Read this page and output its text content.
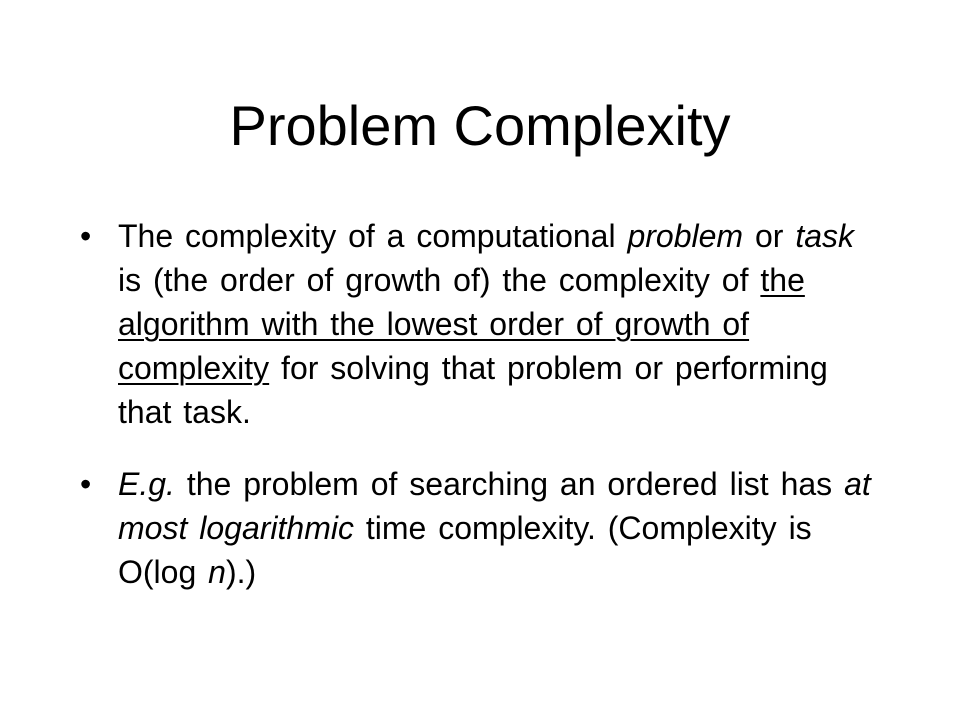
Problem Complexity
• The complexity of a computational problem or task is (the order of growth of) the complexity of the algorithm with the lowest order of growth of complexity for solving that problem or performing that task.
• E.g. the problem of searching an ordered list has at most logarithmic time complexity. (Complexity is O(log n).)
